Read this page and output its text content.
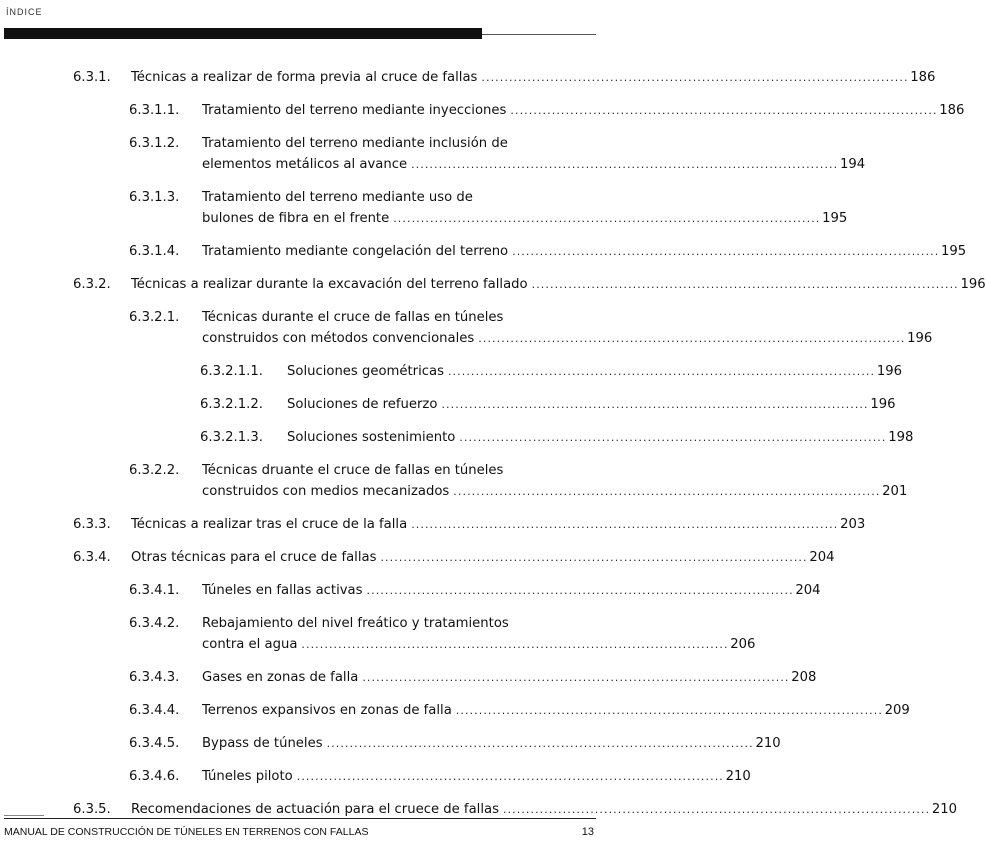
ÍNDICE
6.3.1.	Técnicas a realizar de forma previa al cruce de fallas . . .	186
6.3.1.1.	Tratamiento del terreno mediante inyecciones . . .	186
6.3.1.2.	Tratamiento del terreno mediante inclusión de
elementos metálicos al avance . . .	194
6.3.1.3.	Tratamiento del terreno mediante uso de
bulones de fibra en el frente . . .	195
6.3.1.4.	Tratamiento mediante congelación del terreno . . .	195
6.3.2.	Técnicas a realizar durante la excavación del terreno fallado . . .	196
6.3.2.1.	Técnicas durante el cruce de fallas en túneles
construidos con métodos convencionales . . .	196
6.3.2.1.1.	Soluciones geométricas . . .	196
6.3.2.1.2.	Soluciones de refuerzo . . .	196
6.3.2.1.3.	Soluciones sostenimiento . . .	198
6.3.2.2.	Técnicas druante el cruce de fallas en túneles
construidos con medios mecanizados . . .	201
6.3.3.	Técnicas a realizar tras el cruce de la falla . . .	203
6.3.4.	Otras técnicas para el cruce de fallas . . .	204
6.3.4.1.	Túneles en fallas activas . . .	204
6.3.4.2.	Rebajamiento del nivel freático y tratamientos
contra el agua . . .	206
6.3.4.3.	Gases en zonas de falla . . .	208
6.3.4.4.	Terrenos expansivos en zonas de falla . . .	209
6.3.4.5.	Bypass de túneles . . .	210
6.3.4.6.	Túneles piloto . . .	210
6.3.5.	Recomendaciones de actuación para el cruece de fallas . . .	210
MANUAL DE CONSTRUCCIÓN DE TÚNELES EN TERRENOS CON FALLAS	13
